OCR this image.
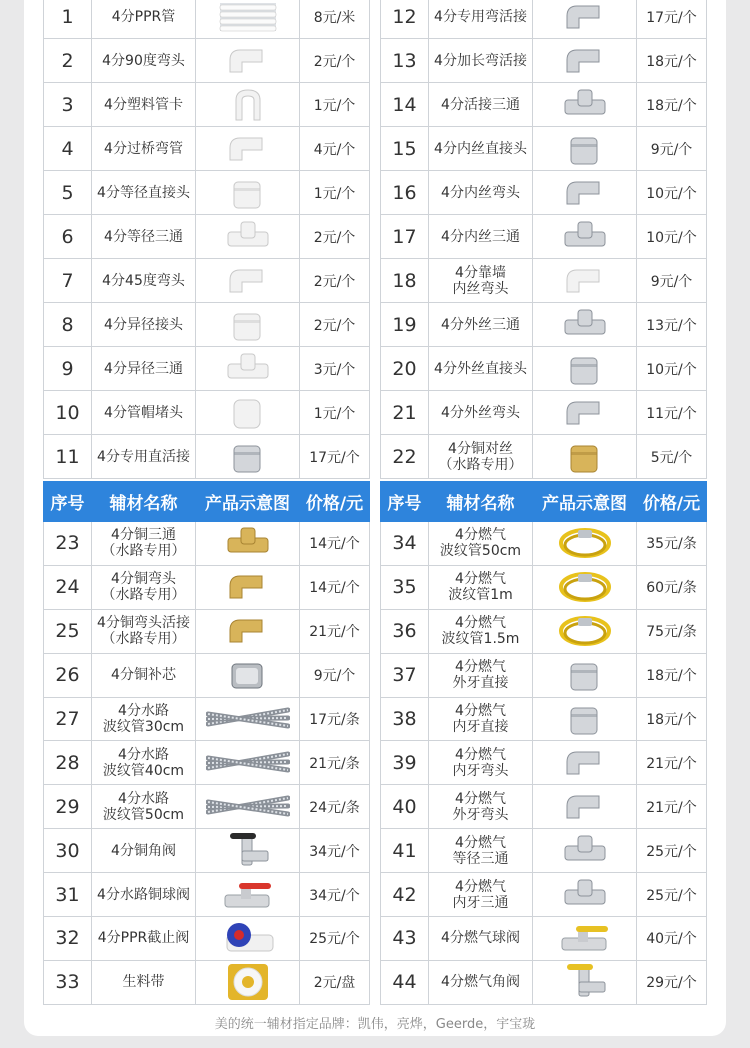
1	4分PPR管		8元/米
2	4分90度弯头		2元/个
3	4分塑料管卡		1元/个
4	4分过桥弯管		4元/个
5	4分等径直接头		1元/个
6	4分等径三通		2元/个
7	4分45度弯头		2元/个
8	4分异径接头		2元/个
9	4分异径三通		3元/个
10	4分管帽堵头		1元/个
11	4分专用直活接		17元/个
12	4分专用弯活接		17元/个
13	4分加长弯活接		18元/个
14	4分活接三通		18元/个
15	4分内丝直接头		9元/个
16	4分内丝弯头		10元/个
17	4分内丝三通		10元/个
18	4分靠墙
内丝弯头		9元/个
19	4分外丝三通		13元/个
20	4分外丝直接头		10元/个
21	4分外丝弯头		11元/个
22	4分铜对丝
（水路专用）		5元/个
序号	辅材名称	产品示意图	价格/元
23	4分铜三通
（水路专用）		14元/个
24	4分铜弯头
（水路专用）		14元/个
25	4分铜弯头活接
（水路专用）		21元/个
26	4分铜补芯		9元/个
27	4分水路
波纹管30cm		17元/条
28	4分水路
波纹管40cm		21元/条
29	4分水路
波纹管50cm		24元/条
30	4分铜角阀		34元/个
31	4分水路铜球阀		34元/个
32	4分PPR截止阀		25元/个
33	生料带		2元/盘
序号	辅材名称	产品示意图	价格/元
34	4分燃气
波纹管50cm		35元/条
35	4分燃气
波纹管1m		60元/条
36	4分燃气
波纹管1.5m		75元/条
37	4分燃气
外牙直接		18元/个
38	4分燃气
内牙直接		18元/个
39	4分燃气
内牙弯头		21元/个
40	4分燃气
外牙弯头		21元/个
41	4分燃气
等径三通		25元/个
42	4分燃气
内牙三通		25元/个
43	4分燃气球阀		40元/个
44	4分燃气角阀		29元/个
美的统一辅材指定品牌：凯伟，亮烨，Geerde，宇宝珑
